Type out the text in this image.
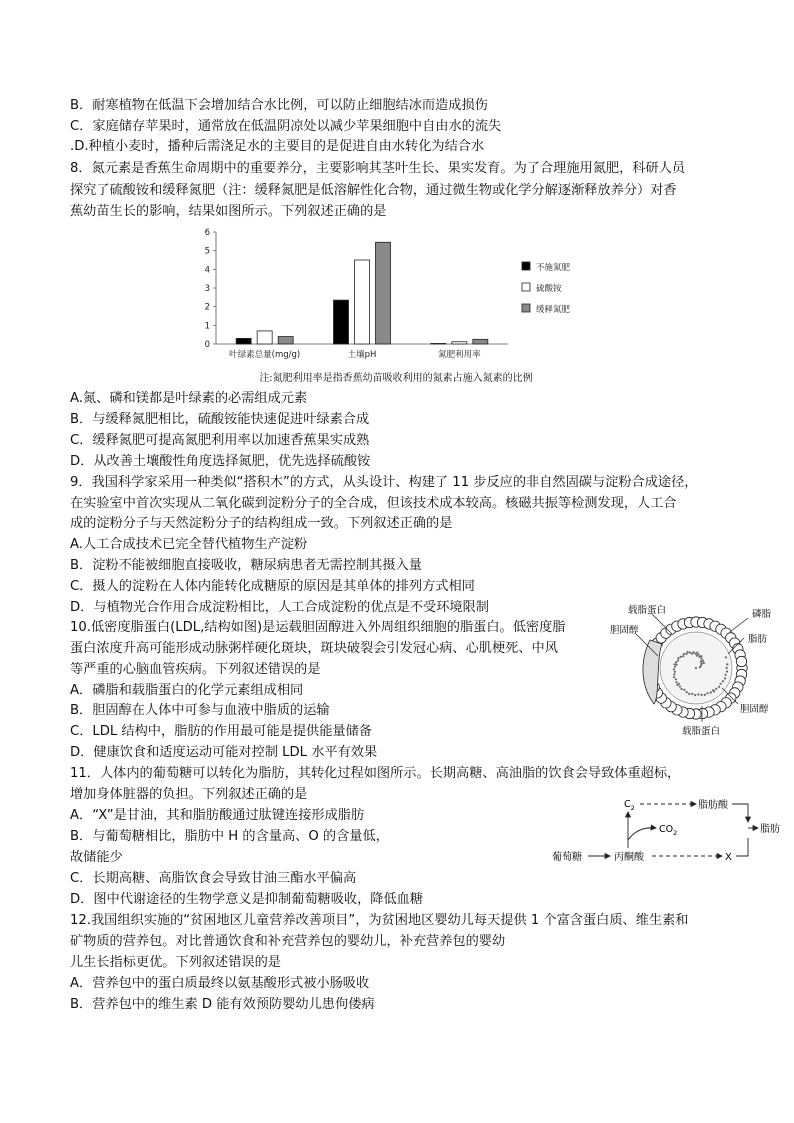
B．耐寒植物在低温下会增加结合水比例，可以防止细胞结冰而造成损伤
C．家庭储存苹果时，通常放在低温阴凉处以减少苹果细胞中自由水的流失
.D.种植小麦时，播种后需浇足水的主要目的是促进自由水转化为结合水
8．氮元素是香蕉生命周期中的重要养分，主要影响其茎叶生长、果实发育。为了合理施用氮肥，科研人员
探究了硫酸铵和缓释氮肥（注：缓释氮肥是低溶解性化合物，通过微生物或化学分解逐渐释放养分）对香
蕉幼苗生长的影响，结果如图所示。下列叙述正确的是
0
1
2
3
4
5
6
叶绿素总量(mg/g)	土壤pH	氮肥利用率
不施氮肥
硫酸铵
缓释氮肥
注:氮肥利用率是指香蕉幼苗吸收利用的氮素占施入氮素的比例
A.氮、磷和镁都是叶绿素的必需组成元素
B．与缓释氮肥相比，硫酸铵能快速促进叶绿素合成
C．缓释氮肥可提高氮肥利用率以加速香蕉果实成熟
D．从改善土壤酸性角度选择氮肥，优先选择硫酸铵
9．我国科学家采用一种类似“搭积木”的方式，从头设计、构建了 11 步反应的非自然固碳与淀粉合成途径，
在实验室中首次实现从二氧化碳到淀粉分子的全合成，但该技术成本较高。核磁共振等检测发现，人工合
成的淀粉分子与天然淀粉分子的结构组成一致。下列叙述正确的是
A.人工合成技术已完全替代植物生产淀粉
B．淀粉不能被细胞直接吸收，糖尿病患者无需控制其摄入量
C．摄人的淀粉在人体内能转化成糖原的原因是其单体的排列方式相同
D．与植物光合作用合成淀粉相比，人工合成淀粉的优点是不受环境限制	载脂蛋白	磷脂
胆固醇
脂肪
胆固醇
载脂蛋白
10.低密度脂蛋白(LDL,结构如图)是运载胆固醇进入外周组织细胞的脂蛋白。低密度脂
蛋白浓度升高可能形成动脉粥样硬化斑块，斑块破裂会引发冠心病、心肌梗死、中风
等严重的心脑血管疾病。下列叙述错误的是
A．磷脂和载脂蛋白的化学元素组成相同
B．胆固醇在人体中可参与血液中脂质的运输
C．LDL 结构中，脂肪的作用最可能是提供能量储备
D．健康饮食和适度运动可能对控制 LDL 水平有效果
11．人体内的葡萄糖可以转化为脂肪，其转化过程如图所示。长期高糖、高油脂的饮食会导致体重超标，
增加身体脏器的负担。下列叙述正确的是
A．“X”是甘油，其和脂肪酸通过肽键连接形成脂肪
B．与葡萄糖相比，脂肪中 H 的含量高、O 的含量低，
故储能少
C．长期高糖、高脂饮食会导致甘油三酯水平偏高
D．图中代谢途径的生物学意义是抑制葡萄糖吸收，降低血糖
$C_2$	脂肪酸
$CO_2$	脂肪
葡萄糖	丙酮酸	X
12.我国组织实施的“贫困地区儿童营养改善项目”，为贫困地区婴幼儿每天提供 1 个富含蛋白质、维生素和
矿物质的营养包。对比普通饮食和补充营养包的婴幼儿，补充营养包的婴幼
儿生长指标更优。下列叙述错误的是
A．营养包中的蛋白质最终以氨基酸形式被小肠吸收
B．营养包中的维生素 D 能有效预防婴幼儿患佝偻病
